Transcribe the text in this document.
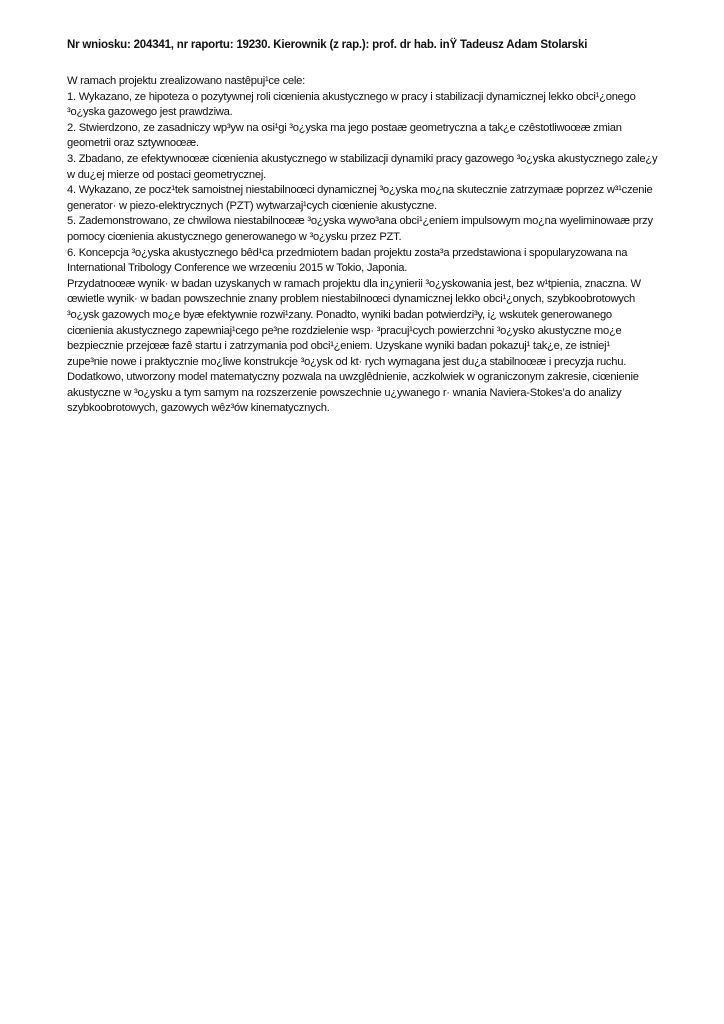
Nr wniosku: 204341, nr raportu: 19230. Kierownik (z rap.): prof. dr hab. inŸ Tadeusz Adam Stolarski
W ramach projektu zrealizowano nastêpuj¹ce cele:
1. Wykazano, ze hipoteza o pozytywnej roli ciœnienia akustycznego w pracy i stabilizacji dynamicznej lekko obci¹¿onego
³o¿yska gazowego jest prawdziwa.
2. Stwierdzono, ze zasadniczy wp³yw na osi¹gi ³o¿yska ma jego postaæ geometryczna a tak¿e czêstotliwoœæ zmian
geometrii oraz sztywnoœæ.
3. Zbadano, ze efektywnoœæ ciœnienia akustycznego w stabilizacji dynamiki pracy gazowego ³o¿yska akustycznego zale¿y
w du¿ej mierze od postaci geometrycznej.
4. Wykazano, ze pocz¹tek samoistnej niestabilnoœci dynamicznej ³o¿yska mo¿na skutecznie zatrzymaæ poprzez w³¹czenie
generator· w piezo-elektrycznych (PZT) wytwarzaj¹cych ciœnienie akustyczne.
5. Zademonstrowano, ze chwilowa niestabilnoœæ ³o¿yska wywo³ana obci¹¿eniem impulsowym mo¿na wyeliminowaæ przy
pomocy ciœnienia akustycznego generowanego w ³o¿ysku przez PZT.
6. Koncepcja ³o¿yska akustycznego bêd¹ca przedmiotem badan projektu zosta³a przedstawiona i spopularyzowana na
International Tribology Conference we wrzeœniu 2015 w Tokio, Japonia.
Przydatnoœæ wynik· w badan uzyskanych w ramach projektu dla in¿ynierii ³o¿yskowania jest, bez w¹tpienia, znaczna. W
œwietle wynik· w badan powszechnie znany problem niestabilnoœci dynamicznej lekko obci¹¿onych, szybkoobrotowych
³o¿ysk gazowych mo¿e byæ efektywnie rozwi¹zany. Ponadto, wyniki badan potwierdzi³y, i¿ wskutek generowanego
ciœnienia akustycznego zapewniaj¹cego pe³ne rozdzielenie wsp· ³pracuj¹cych powierzchni ³o¿ysko akustyczne mo¿e
bezpiecznie przejœæ fazê startu i zatrzymania pod obci¹¿eniem. Uzyskane wyniki badan pokazuj¹ tak¿e, ze istniej¹
zupe³nie nowe i praktycznie mo¿liwe konstrukcje ³o¿ysk od kt· rych wymagana jest du¿a stabilnoœæ i precyzja ruchu.
Dodatkowo, utworzony model matematyczny pozwala na uwzglêdnienie, aczkolwiek w ograniczonym zakresie, ciœnienie
akustyczne w ³o¿ysku a tym samym na rozszerzenie powszechnie u¿ywanego r· wnania Naviera-Stokes’a do analizy
szybkoobrotowych, gazowych wêz³ów kinematycznych.
